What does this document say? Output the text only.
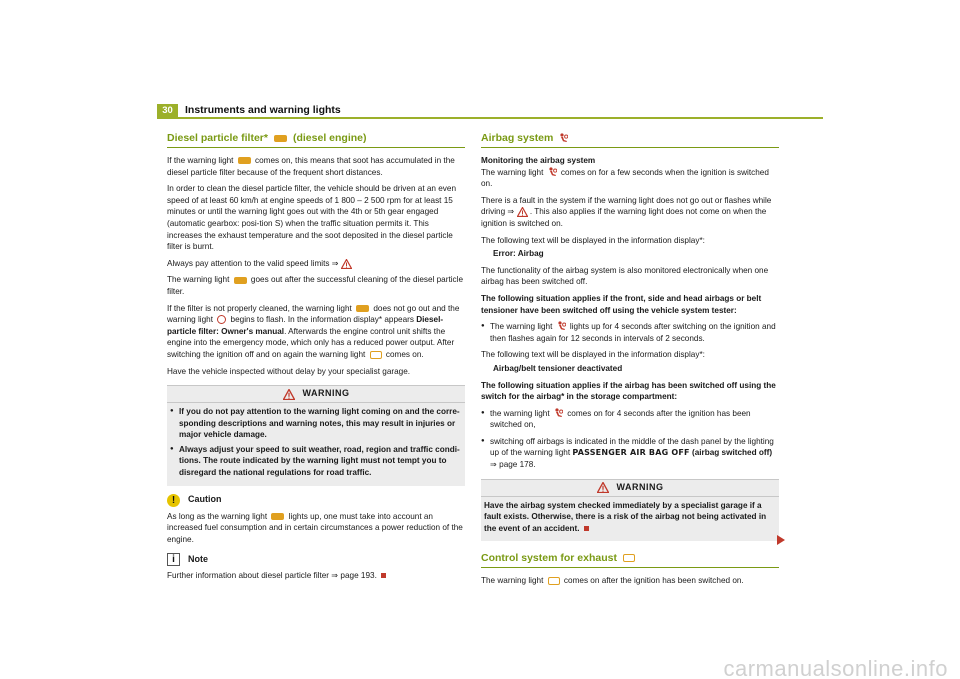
30	Instruments and warning lights
Diesel particle filter* (diesel engine)

If the warning light	comes on, this means that soot has accumulated in the diesel particle filter because of the frequent short distances.

In order to clean the diesel particle filter, the vehicle should be driven at an even speed of at least 60 km/h at engine speeds of 1 800 – 2 500 rpm for at least 15 minutes or until the warning light goes out with the 4th or 5th gear engaged (automatic gearbox: posi-tion S) when the traffic situation permits it. This increases the exhaust temperature and the soot deposited in the diesel particle filter is burnt.

Always pay attention to the valid speed limits ⇒

The warning light	goes out after the successful cleaning of the diesel particle filter.

If the filter is not properly cleaned, the warning light	does not go out and the warning light begins to flash. In the information display* appears Diesel-particle filter: Owner's manual. Afterwards the engine control unit shifts the engine into the emergency mode, which only has a reduced power output. After switching the ignition off and on again the warning light	comes on.

Have the vehicle inspected without delay by your specialist garage.

WARNING
● If you do not pay attention to the warning light coming on and the corre-sponding descriptions and warning notes, this may result in injuries or major vehicle damage.
● Always adjust your speed to suit weather, road, region and traffic condi-tions. The route indicated by the warning light must not tempt you to disregard the national regulations for road traffic.
!	Caution

As long as the warning light	lights up, one must take into account an increased fuel consumption and in certain circumstances a power reduction of the engine.

i	Note

Further information about diesel particle filter ⇒ page 193.

Airbag system

Monitoring the airbag system

The warning light comes on for a few seconds when the ignition is switched on.

There is a fault in the system if the warning light does not go out or flashes while driving ⇒ . This also applies if the warning light does not come on when the ignition is switched on.

The following text will be displayed in the information display*:

Error: Airbag

The functionality of the airbag system is also monitored electronically when one airbag has been switched off.

The following situation applies if the front, side and head airbags or belt tensioner have been switched off using the vehicle system tester:

● The warning light lights up for 4 seconds after switching on the ignition and then flashes again for 12 seconds in intervals of 2 seconds.

The following text will be displayed in the information display*:

Airbag/belt tensioner deactivated

The following situation applies if the airbag has been switched off using the switch for the airbag* in the storage compartment:

● the warning light comes on for 4 seconds after the ignition has been switched on,
● switching off airbags is indicated in the middle of the dash panel by the lighting up of the warning light PASSENGER AIR BAG OFF (airbag switched off) ⇒ page 178.
WARNING

Have the airbag system checked immediately by a specialist garage if a fault exists. Otherwise, there is a risk of the airbag not being activated in the event of an accident.

Control system for exhaust

The warning light	comes on after the ignition has been switched on.

carmanualsonline.info
